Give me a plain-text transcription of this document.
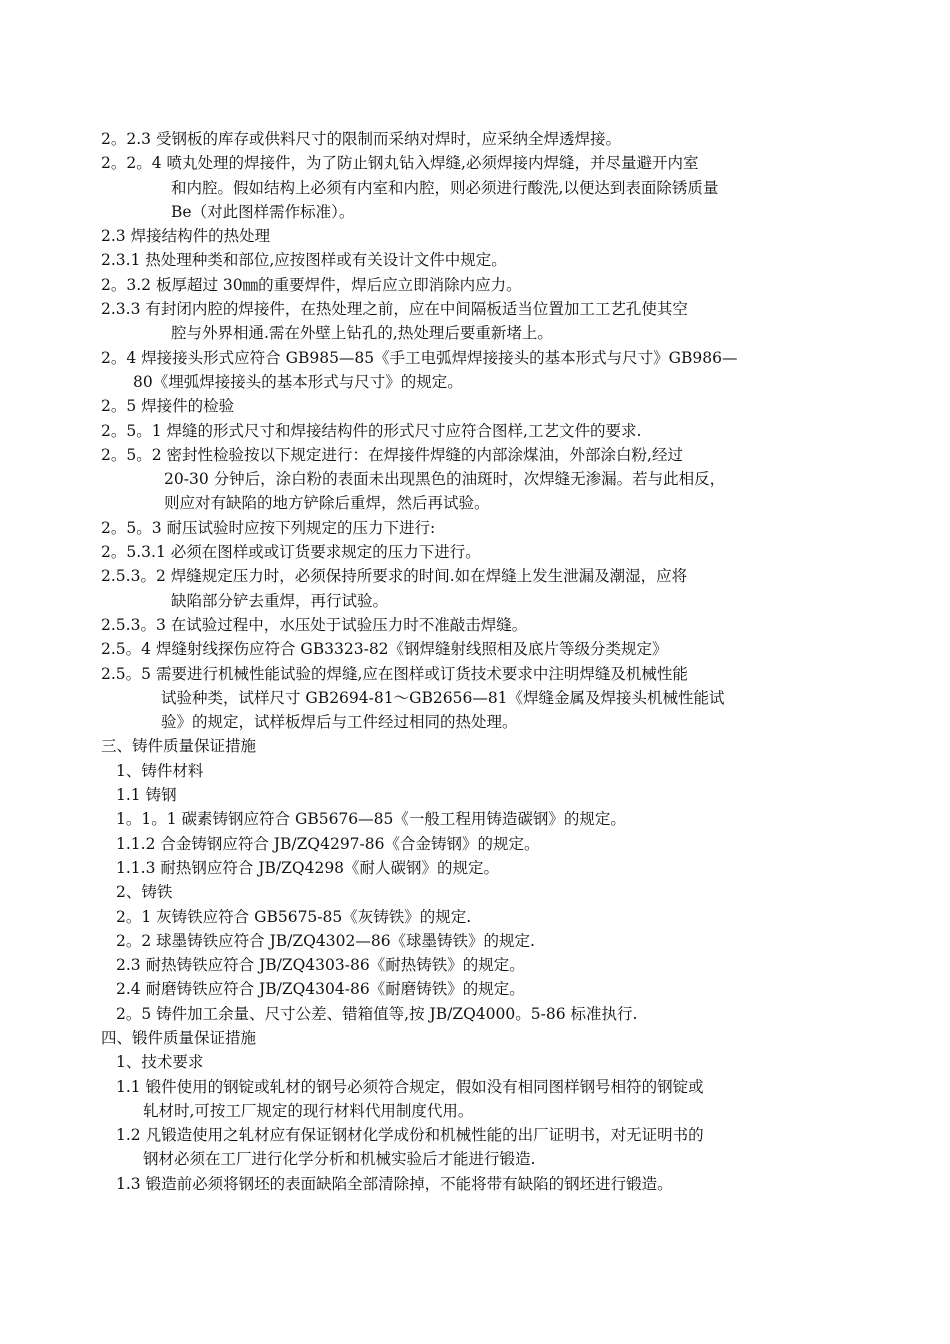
2。2.3 受钢板的库存或供料尺寸的限制而采纳对焊时，应采纳全焊透焊接。
2。2。4 喷丸处理的焊接件，为了防止钢丸钻入焊缝,必须焊接内焊缝，并尽量避开内室
和内腔。假如结构上必须有内室和内腔，则必须进行酸洗,以便达到表面除锈质量
Be（对此图样需作标准）。
2.3 焊接结构件的热处理
2.3.1 热处理种类和部位,应按图样或有关设计文件中规定。
2。3.2 板厚超过 30㎜的重要焊件，焊后应立即消除内应力。
2.3.3 有封闭内腔的焊接件，在热处理之前，应在中间隔板适当位置加工工艺孔使其空
腔与外界相通.需在外壁上钻孔的,热处理后要重新堵上。
2。4 焊接接头形式应符合 GB985—85《手工电弧焊焊接接头的基本形式与尺寸》GB986—
80《埋弧焊接接头的基本形式与尺寸》的规定。
2。5 焊接件的检验
2。5。1 焊缝的形式尺寸和焊接结构件的形式尺寸应符合图样,工艺文件的要求.
2。5。2 密封性检验按以下规定进行：在焊接件焊缝的内部涂煤油，外部涂白粉,经过
20-30 分钟后，涂白粉的表面未出现黑色的油斑时，次焊缝无渗漏。若与此相反，
则应对有缺陷的地方铲除后重焊，然后再试验。
2。5。3 耐压试验时应按下列规定的压力下进行:
2。5.3.1 必须在图样或或订货要求规定的压力下进行。
2.5.3。2 焊缝规定压力时，必须保持所要求的时间.如在焊缝上发生泄漏及潮湿，应将
缺陷部分铲去重焊，再行试验。
2.5.3。3 在试验过程中，水压处于试验压力时不准敲击焊缝。
2.5。4 焊缝射线探伤应符合 GB3323-82《钢焊缝射线照相及底片等级分类规定》
2.5。5 需要进行机械性能试验的焊缝,应在图样或订货技术要求中注明焊缝及机械性能
试验种类，试样尺寸 GB2694-81～GB2656—81《焊缝金属及焊接头机械性能试
验》的规定，试样板焊后与工件经过相同的热处理。
三、铸件质量保证措施
1、铸件材料
1.1 铸钢
1。1。1 碳素铸钢应符合 GB5676—85《一般工程用铸造碳钢》的规定。
1.1.2 合金铸钢应符合 JB/ZQ4297-86《合金铸钢》的规定。
1.1.3 耐热钢应符合 JB/ZQ4298《耐人碳钢》的规定。
2、铸铁
2。1 灰铸铁应符合 GB5675-85《灰铸铁》的规定.
2。2 球墨铸铁应符合 JB/ZQ4302—86《球墨铸铁》的规定.
2.3 耐热铸铁应符合 JB/ZQ4303-86《耐热铸铁》的规定。
2.4 耐磨铸铁应符合 JB/ZQ4304-86《耐磨铸铁》的规定。
2。5 铸件加工余量、尺寸公差、错箱值等,按 JB/ZQ4000。5-86 标准执行.
四、锻件质量保证措施
1、技术要求
1.1 锻件使用的钢锭或轧材的钢号必须符合规定，假如没有相同图样钢号相符的钢锭或
轧材时,可按工厂规定的现行材料代用制度代用。
1.2 凡锻造使用之轧材应有保证钢材化学成份和机械性能的出厂证明书，对无证明书的
钢材必须在工厂进行化学分析和机械实验后才能进行锻造.
1.3 锻造前必须将钢坯的表面缺陷全部清除掉，不能将带有缺陷的钢坯进行锻造。
